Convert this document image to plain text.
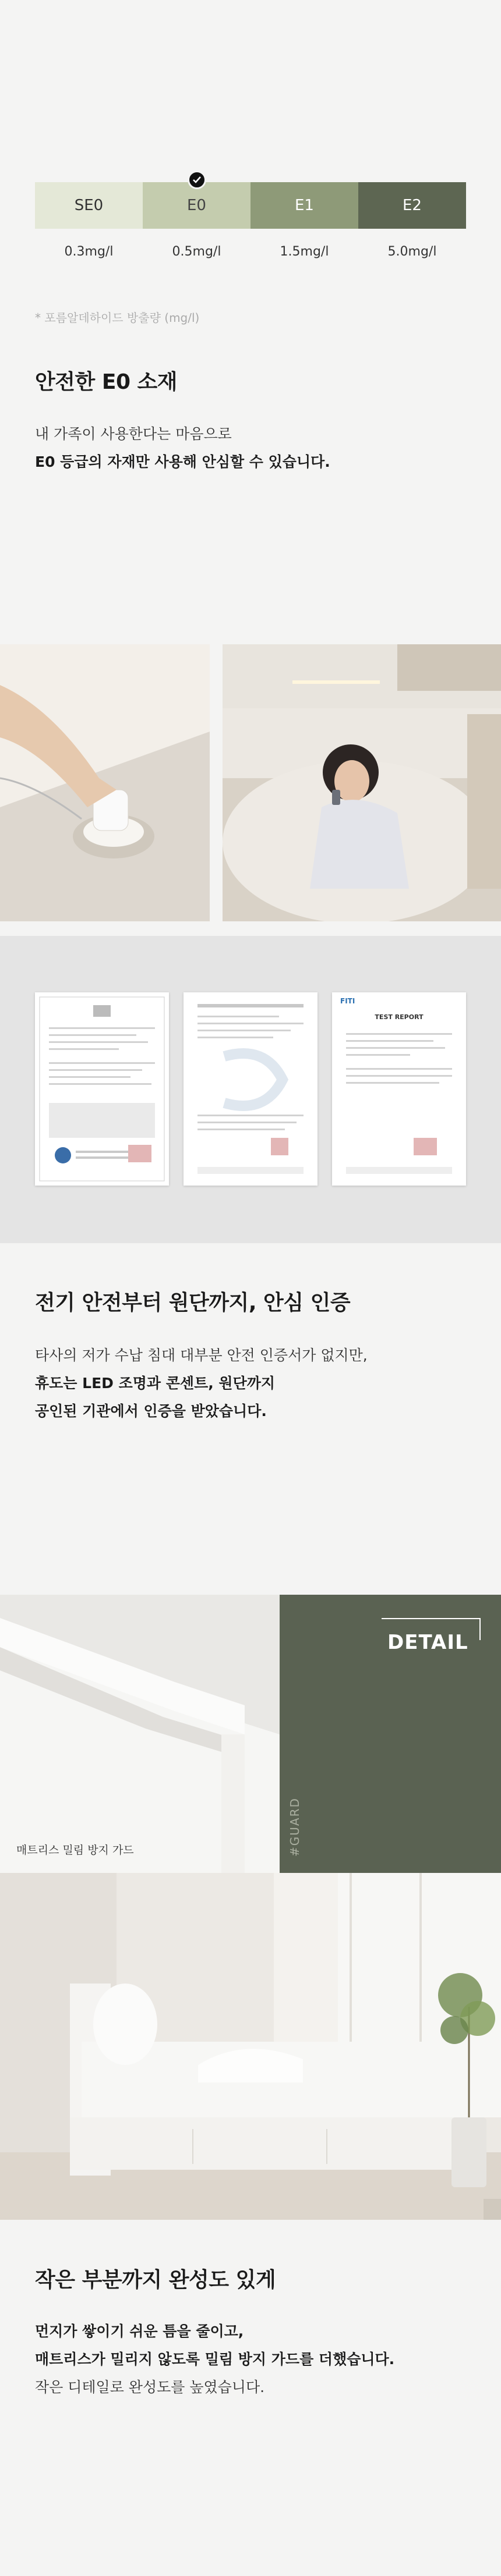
SE0	E0	E1	E2
0.3mg/l	0.5mg/l	1.5mg/l	5.0mg/l
* 포름알데하이드 방출량 (mg/l)
안전한 E0 소재
내 가족이 사용한다는 마음으로
E0 등급의 자재만 사용해 안심할 수 있습니다.
FITI
TEST REPORT
전기 안전부터 원단까지, 안심 인증
타사의 저가 수납 침대 대부분 안전 인증서가 없지만,
휴도는 LED 조명과 콘센트, 원단까지
공인된 기관에서 인증을 받았습니다.
매트리스 밀림 방지 가드
DETAIL
#GUARD
작은 부분까지 완성도 있게
먼지가 쌓이기 쉬운 틈을 줄이고,
매트리스가 밀리지 않도록 밀림 방지 가드를 더했습니다.
작은 디테일로 완성도를 높였습니다.
